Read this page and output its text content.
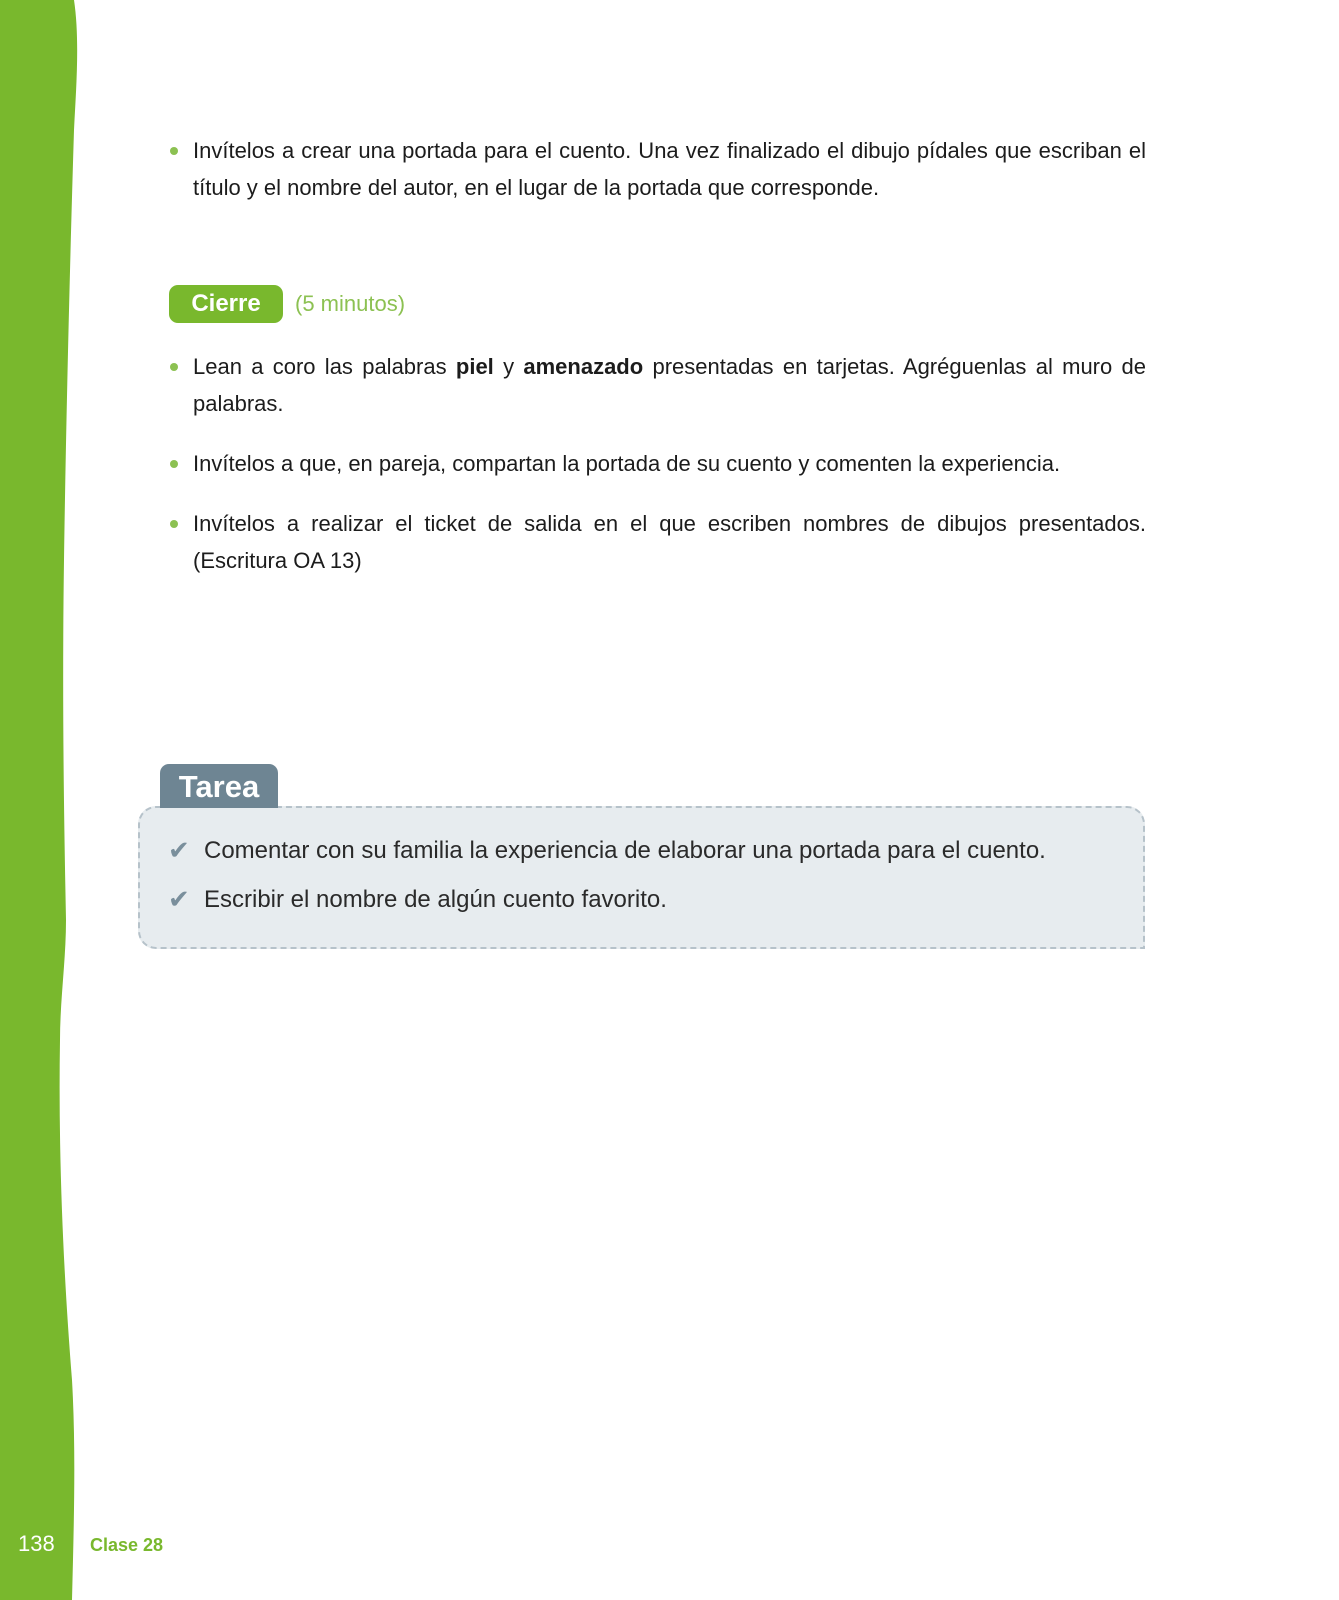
Invítelos a crear una portada para el cuento. Una vez finalizado el dibujo pídales que escriban el título y el nombre del autor, en el lugar de la portada que corresponde.
Cierre	(5 minutos)
Lean a coro las palabras piel y amenazado presentadas en tarjetas. Agréguenlas al muro de palabras.
Invítelos a que, en pareja, compartan la portada de su cuento y comenten la experiencia.
Invítelos a realizar el ticket de salida en el que escriben nombres de dibujos presentados. (Escritura OA 13)
Tarea
✔ Comentar con su familia la experiencia de elaborar una portada para el cuento.
✔ Escribir el nombre de algún cuento favorito.
138 Clase 28
